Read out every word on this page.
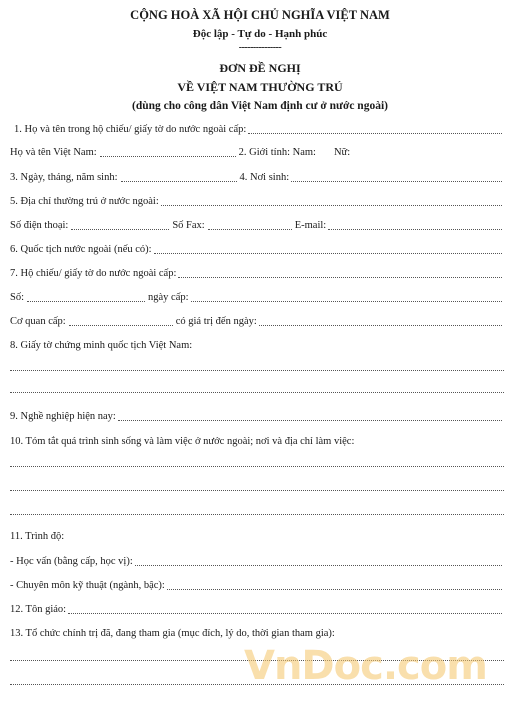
CỘNG HOÀ XÃ HỘI CHỦ NGHĨA VIỆT NAM
Độc lập - Tự do - Hạnh phúc
---------------
ĐƠN ĐỀ NGHỊ
VỀ VIỆT NAM THƯỜNG TRÚ
(dùng cho công dân Việt Nam định cư ở nước ngoài)
1. Họ và tên trong hộ chiếu/ giấy tờ do nước ngoài cấp:
Họ và tên Việt Nam:	2. Giới tính: Nam: Nữ:
3. Ngày, tháng, năm sinh:	4. Nơi sinh:
5. Địa chỉ thường trú ở nước ngoài:
Số điện thoại:	Số Fax:	E-mail:
6. Quốc tịch nước ngoài (nếu có):
7. Hộ chiếu/ giấy tờ do nước ngoài cấp:
Số:	ngày cấp:
Cơ quan cấp:	có giá trị đến ngày:
8. Giấy tờ chứng minh quốc tịch Việt Nam:
9. Nghề nghiệp hiện nay:
10. Tóm tắt quá trình sinh sống và làm việc ở nước ngoài; nơi và địa chỉ làm việc:
11. Trình độ:
- Học vấn (bằng cấp, học vị):
- Chuyên môn kỹ thuật (ngành, bậc):
12. Tôn giáo:
13. Tổ chức chính trị đã, đang tham gia (mục đích, lý do, thời gian tham gia):
VnDoc.com
